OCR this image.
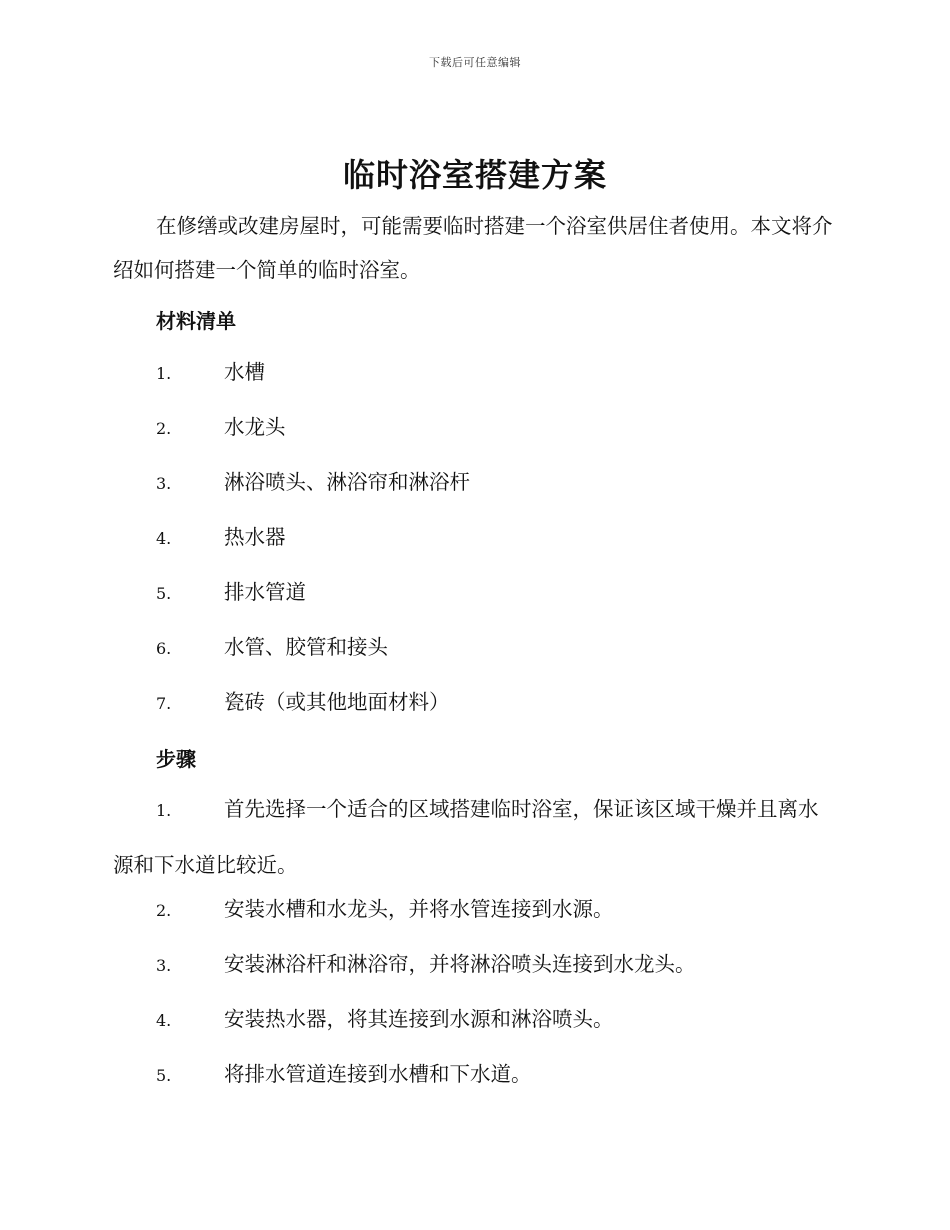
下载后可任意编辑
临时浴室搭建方案

在修缮或改建房屋时，可能需要临时搭建一个浴室供居住者使用。本文将介绍如何搭建一个简单的临时浴室。

材料清单
1.	水槽
2.	水龙头
3.	淋浴喷头、淋浴帘和淋浴杆
4.	热水器
5.	排水管道
6.	水管、胶管和接头
7.	瓷砖（或其他地面材料）
步骤

1.	首先选择一个适合的区域搭建临时浴室，保证该区域干燥并且离水源和下水道比较近。

2.	安装水槽和水龙头，并将水管连接到水源。
3.	安装淋浴杆和淋浴帘，并将淋浴喷头连接到水龙头。
4.	安装热水器，将其连接到水源和淋浴喷头。
5.	将排水管道连接到水槽和下水道。
